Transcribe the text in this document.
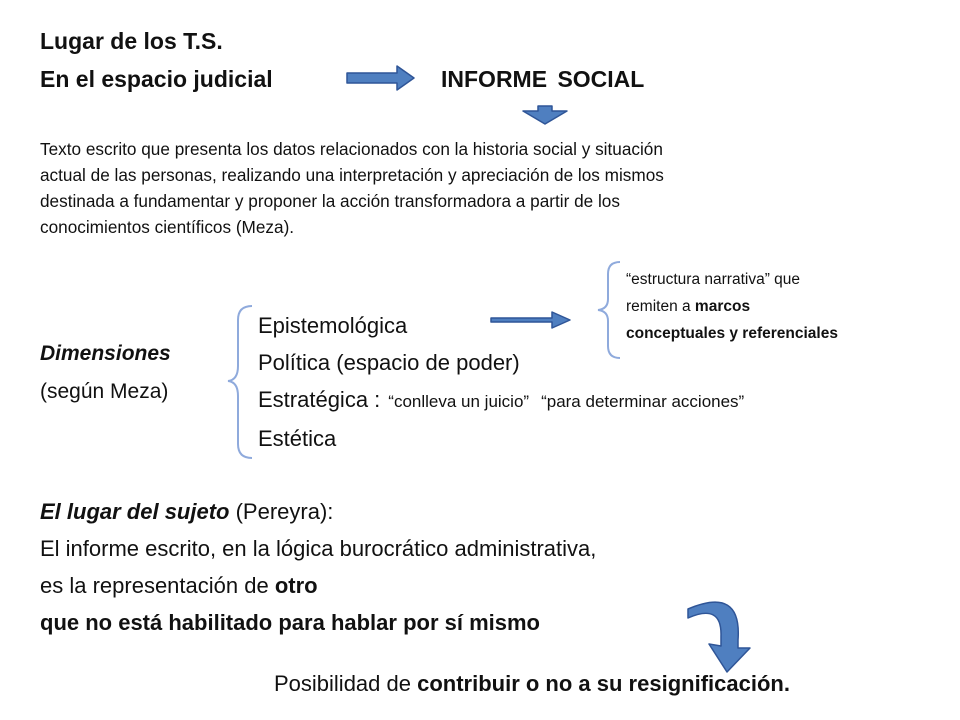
Lugar de los T.S.
En el espacio judicial	INFORME SOCIAL
Texto escrito que presenta los datos relacionados con la historia social y situación
actual de las personas, realizando una interpretación y apreciación de los mismos
destinada a fundamentar y proponer la acción transformadora a partir de los
conocimientos científicos (Meza).
Dimensiones
(según Meza)
Epistemológica
Política (espacio de poder)
Estratégica : “conlleva un juicio” “para determinar acciones”
Estética
“estructura narrativa” que
remiten a marcos
conceptuales y referenciales
El lugar del sujeto (Pereyra):
El informe escrito, en la lógica burocrático administrativa,
es la representación de otro
que no está habilitado para hablar por sí mismo
Posibilidad de contribuir o no a su resignificación.
